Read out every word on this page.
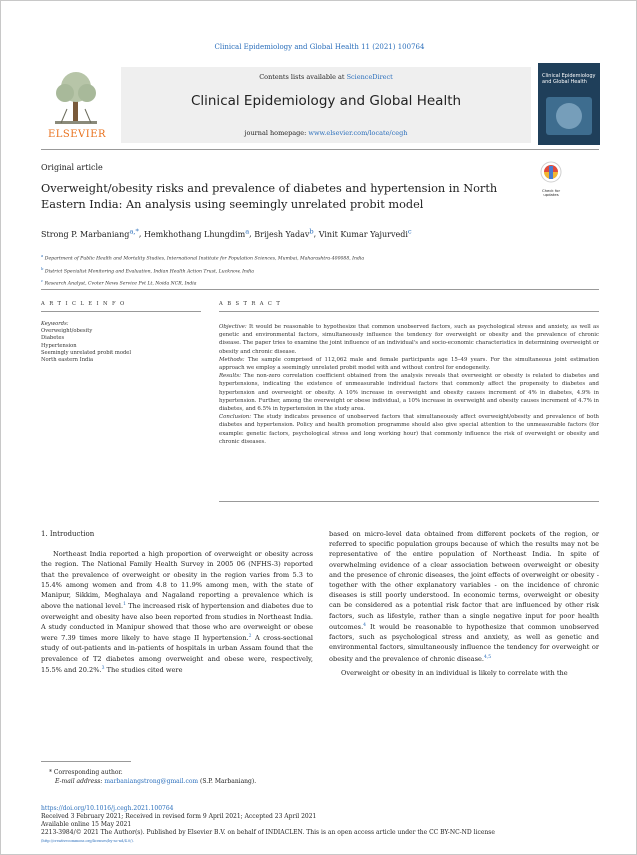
Clinical Epidemiology and Global Health 11 (2021) 100764
ELSEVIER
Contents lists available at ScienceDirect
Clinical Epidemiology and Global Health
journal homepage: www.elsevier.com/locate/cegh
Clinical Epidemiology and Global Health
Original article
Check for updates
Overweight/obesity risks and prevalence of diabetes and hypertension in North Eastern India: An analysis using seemingly unrelated probit model
Strong P. Marbaniang$^{a,*}$, Hemkhothang Lhungdim$^a$, Brijesh Yadav$^b$, Vinit Kumar Yajurvedi$^c$
$^a$ Department of Public Health and Mortality Studies, International Institute for Population Sciences, Mumbai, Maharashtra-400088, India
$^b$ District Specialist Monitoring and Evaluation, Indian Health Action Trust, Lucknow, India
$^c$ Research Analyst, Cvoter News Service Pvt Lt, Noida NCR, India
A R T I C L E I N F O	A B S T R A C T
Keywords:
Overweight/obesity
Diabetes
Hypertension
Seemingly unrelated probit model
North eastern India

Objective: It would be reasonable to hypothesize that common unobserved factors, such as psychological stress and anxiety, as well as genetic and environmental factors, simultaneously influence the tendency for overweight or obesity and the prevalence of chronic disease. The paper tries to examine the joint influence of an individual's and socio-economic characteristics in determining overweight or obesity and chronic disease.

Methods: The sample comprised of 112,062 male and female participants age 15–49 years. For the simultaneous joint estimation approach we employ a seemingly unrelated probit model with and without control for endogeneity.

Results: The non-zero correlation coefficient obtained from the analysis reveals that overweight or obesity is related to diabetes and hypertensions, indicating the existence of unmeasurable individual factors that commonly affect the propensity to diabetes and hypertension and overweight or obesity. A 10% increase in overweight and obesity causes increment of 4% in diabetes, 4.9% in hypertension. Further, among the overweight or obese individual, a 10% increase in overweight and obesity causes increment of 4.7% in diabetes, and 6.5% in hypertension in the study area.

Conclusion: The study indicates presence of unobserved factors that simultaneously affect overweight/obesity and prevalence of both diabetes and hypertension. Policy and health promotion programme should also give special attention to the unmeasurable factors (for example: genetic factors, psychological stress and long working hour) that commonly influence the risk of overweight or obesity and chronic diseases.

1. Introduction

Northeast India reported a high proportion of overweight or obesity across the region. The National Family Health Survey in 2005 06 (NFHS-3) reported that the prevalence of overweight or obesity in the region varies from 5.3 to 15.4% among women and from 4.8 to 11.9% among men, with the state of Manipur, Sikkim, Meghalaya and Nagaland reporting a prevalence which is above the national level.$^1$ The increased risk of hypertension and diabetes due to overweight and obesity have also been reported from studies in Northeast India. A study conducted in Manipur showed that those who are overweight or obese were 7.39 times more likely to have stage II hypertension.$^2$ A cross-sectional study of out-patients and in-patients of hospitals in urban Assam found that the prevalence of T2 diabetes among overweight and obese were, respectively, 15.5% and 20.2%.$^3$ The studies cited were

based on micro-level data obtained from different pockets of the region, or referred to specific population groups because of which the results may not be representative of the entire population of Northeast India. In spite of overwhelming evidence of a clear association between overweight or obesity and the presence of chronic diseases, the joint effects of overweight or obesity - together with the other explanatory variables - on the incidence of chronic diseases is still poorly understood. In economic terms, overweight or obesity can be considered as a potential risk factor that are influenced by other risk factors, such as lifestyle, rather than a single negative input for poor health outcomes.$^4$ It would be reasonable to hypothesize that common unobserved factors, such as psychological stress and anxiety, as well as genetic and environmental factors, simultaneously influence the tendency for overweight or obesity and the prevalence of chronic disease.$^{4,5}$

Overweight or obesity in an individual is likely to correlate with the

* Corresponding author.
E-mail address: marbaniangstrong@gmail.com (S.P. Marbaniang).
https://doi.org/10.1016/j.cegh.2021.100764
Received 3 February 2021; Received in revised form 9 April 2021; Accepted 23 April 2021
Available online 15 May 2021
2213-3984/© 2021 The Author(s). Published by Elsevier B.V. on behalf of INDIACLEN. This is an open access article under the CC BY-NC-ND license
(http://creativecommons.org/licenses/by-nc-nd/4.0/).
